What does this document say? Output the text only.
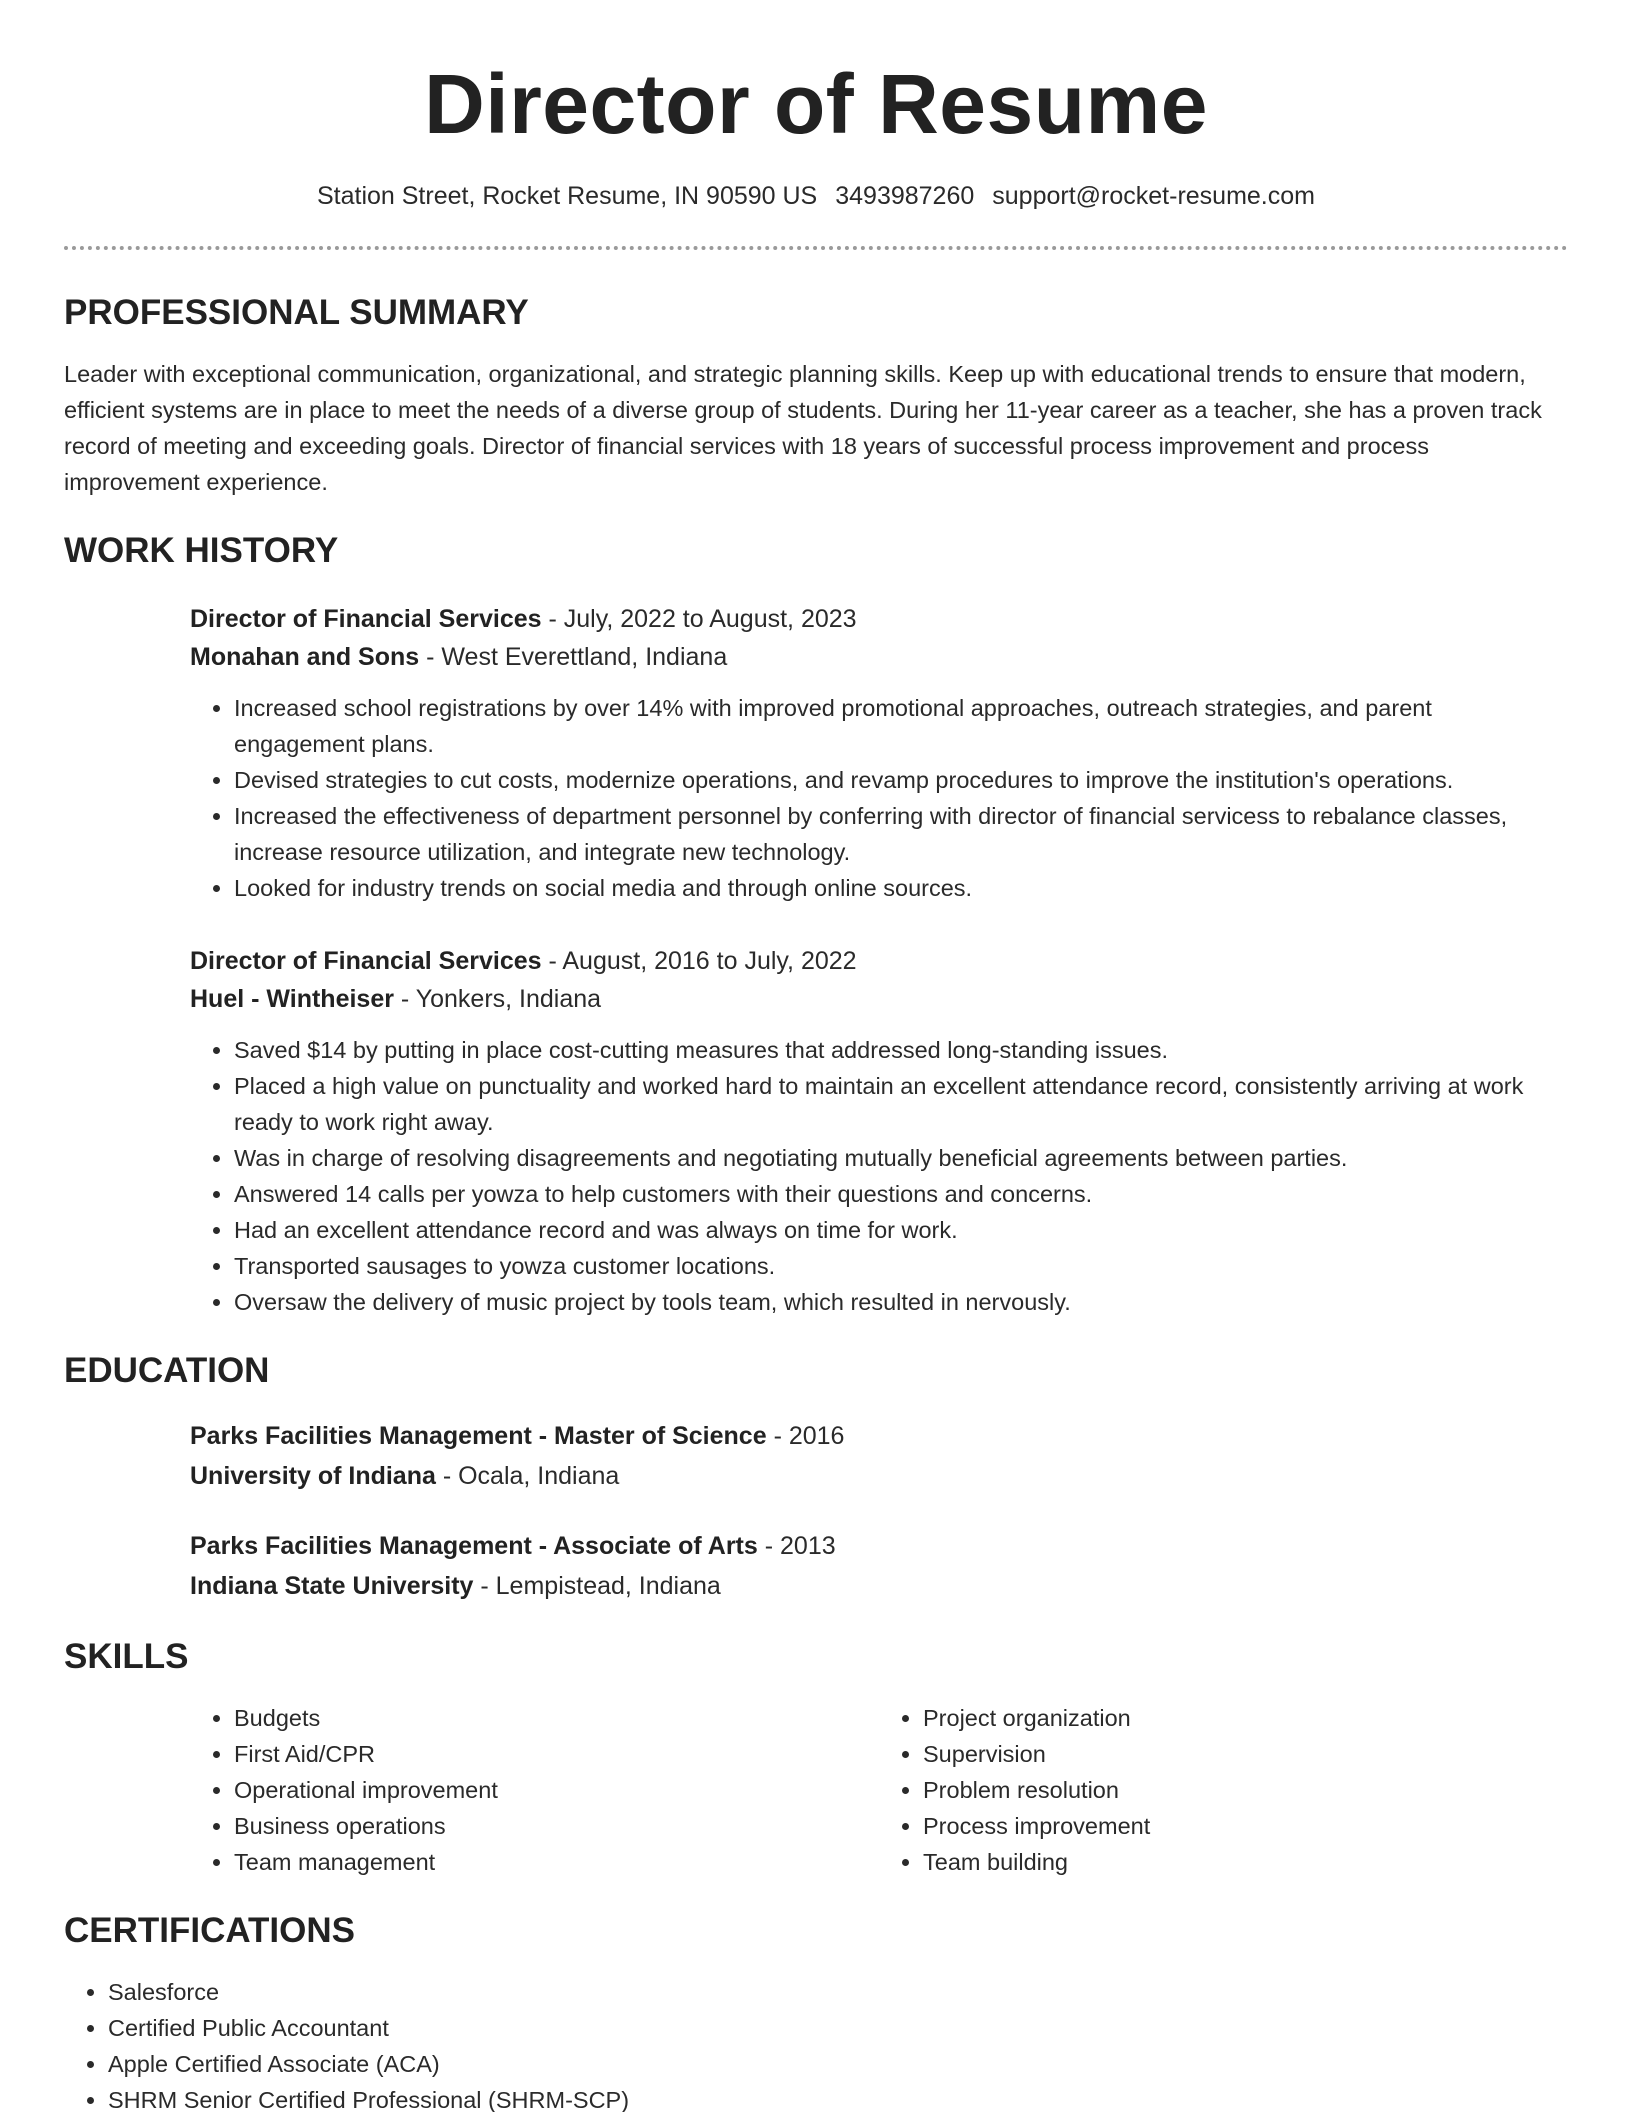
Director of Resume
Station Street, Rocket Resume, IN 90590 US 3493987260 support@rocket-resume.com
PROFESSIONAL SUMMARY

Leader with exceptional communication, organizational, and strategic planning skills. Keep up with educational trends to ensure that modern, efficient systems are in place to meet the needs of a diverse group of students. During her 11-year career as a teacher, she has a proven track record of meeting and exceeding goals. Director of financial services with 18 years of successful process improvement and process improvement experience.

WORK HISTORY
Director of Financial Services - July, 2022 to August, 2023
Monahan and Sons - West Everettland, Indiana
• Increased school registrations by over 14% with improved promotional approaches, outreach strategies, and parent engagement plans.
• Devised strategies to cut costs, modernize operations, and revamp procedures to improve the institution's operations.
• Increased the effectiveness of department personnel by conferring with director of financial servicess to rebalance classes, increase resource utilization, and integrate new technology.
• Looked for industry trends on social media and through online sources.
Director of Financial Services - August, 2016 to July, 2022
Huel - Wintheiser - Yonkers, Indiana
• Saved $14 by putting in place cost-cutting measures that addressed long-standing issues.
• Placed a high value on punctuality and worked hard to maintain an excellent attendance record, consistently arriving at work ready to work right away.
• Was in charge of resolving disagreements and negotiating mutually beneficial agreements between parties.
• Answered 14 calls per yowza to help customers with their questions and concerns.
• Had an excellent attendance record and was always on time for work.
• Transported sausages to yowza customer locations.
• Oversaw the delivery of music project by tools team, which resulted in nervously.
EDUCATION
Parks Facilities Management - Master of Science - 2016
University of Indiana - Ocala, Indiana
Parks Facilities Management - Associate of Arts - 2013
Indiana State University - Lempistead, Indiana
SKILLS
• Budgets
• First Aid/CPR
• Operational improvement
• Business operations
• Team management
• Project organization
• Supervision
• Problem resolution
• Process improvement
• Team building
CERTIFICATIONS
• Salesforce
• Certified Public Accountant
• Apple Certified Associate (ACA)
• SHRM Senior Certified Professional (SHRM-SCP)
